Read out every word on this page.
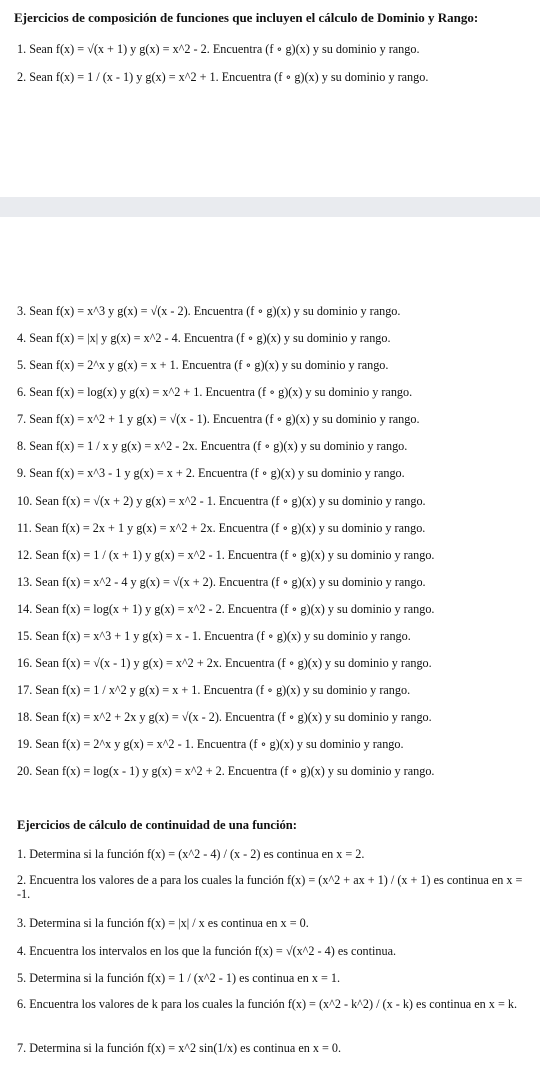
Ejercicios de composición de funciones que incluyen el cálculo de Dominio y Rango:
1. Sean f(x) = √(x + 1) y g(x) = x^2 - 2. Encuentra (f ∘ g)(x) y su dominio y rango.
2. Sean f(x) = 1 / (x - 1) y g(x) = x^2 + 1. Encuentra (f ∘ g)(x) y su dominio y rango.
3. Sean f(x) = x^3 y g(x) = √(x - 2). Encuentra (f ∘ g)(x) y su dominio y rango.
4. Sean f(x) = |x| y g(x) = x^2 - 4. Encuentra (f ∘ g)(x) y su dominio y rango.
5. Sean f(x) = 2^x y g(x) = x + 1. Encuentra (f ∘ g)(x) y su dominio y rango.
6. Sean f(x) = log(x) y g(x) = x^2 + 1. Encuentra (f ∘ g)(x) y su dominio y rango.
7. Sean f(x) = x^2 + 1 y g(x) = √(x - 1). Encuentra (f ∘ g)(x) y su dominio y rango.
8. Sean f(x) = 1 / x y g(x) = x^2 - 2x. Encuentra (f ∘ g)(x) y su dominio y rango.
9. Sean f(x) = x^3 - 1 y g(x) = x + 2. Encuentra (f ∘ g)(x) y su dominio y rango.
10. Sean f(x) = √(x + 2) y g(x) = x^2 - 1. Encuentra (f ∘ g)(x) y su dominio y rango.
11. Sean f(x) = 2x + 1 y g(x) = x^2 + 2x. Encuentra (f ∘ g)(x) y su dominio y rango.
12. Sean f(x) = 1 / (x + 1) y g(x) = x^2 - 1. Encuentra (f ∘ g)(x) y su dominio y rango.
13. Sean f(x) = x^2 - 4 y g(x) = √(x + 2). Encuentra (f ∘ g)(x) y su dominio y rango.
14. Sean f(x) = log(x + 1) y g(x) = x^2 - 2. Encuentra (f ∘ g)(x) y su dominio y rango.
15. Sean f(x) = x^3 + 1 y g(x) = x - 1. Encuentra (f ∘ g)(x) y su dominio y rango.
16. Sean f(x) = √(x - 1) y g(x) = x^2 + 2x. Encuentra (f ∘ g)(x) y su dominio y rango.
17. Sean f(x) = 1 / x^2 y g(x) = x + 1. Encuentra (f ∘ g)(x) y su dominio y rango.
18. Sean f(x) = x^2 + 2x y g(x) = √(x - 2). Encuentra (f ∘ g)(x) y su dominio y rango.
19. Sean f(x) = 2^x y g(x) = x^2 - 1. Encuentra (f ∘ g)(x) y su dominio y rango.
20. Sean f(x) = log(x - 1) y g(x) = x^2 + 2. Encuentra (f ∘ g)(x) y su dominio y rango.
Ejercicios de cálculo de continuidad de una función:
1. Determina si la función f(x) = (x^2 - 4) / (x - 2) es continua en x = 2.
2. Encuentra los valores de a para los cuales la función f(x) = (x^2 + ax + 1) / (x + 1) es continua en x = -1.
3. Determina si la función f(x) = |x| / x es continua en x = 0.
4. Encuentra los intervalos en los que la función f(x) = √(x^2 - 4) es continua.
5. Determina si la función f(x) = 1 / (x^2 - 1) es continua en x = 1.
6. Encuentra los valores de k para los cuales la función f(x) = (x^2 - k^2) / (x - k) es continua en x = k.
7. Determina si la función f(x) = x^2 sin(1/x) es continua en x = 0.
